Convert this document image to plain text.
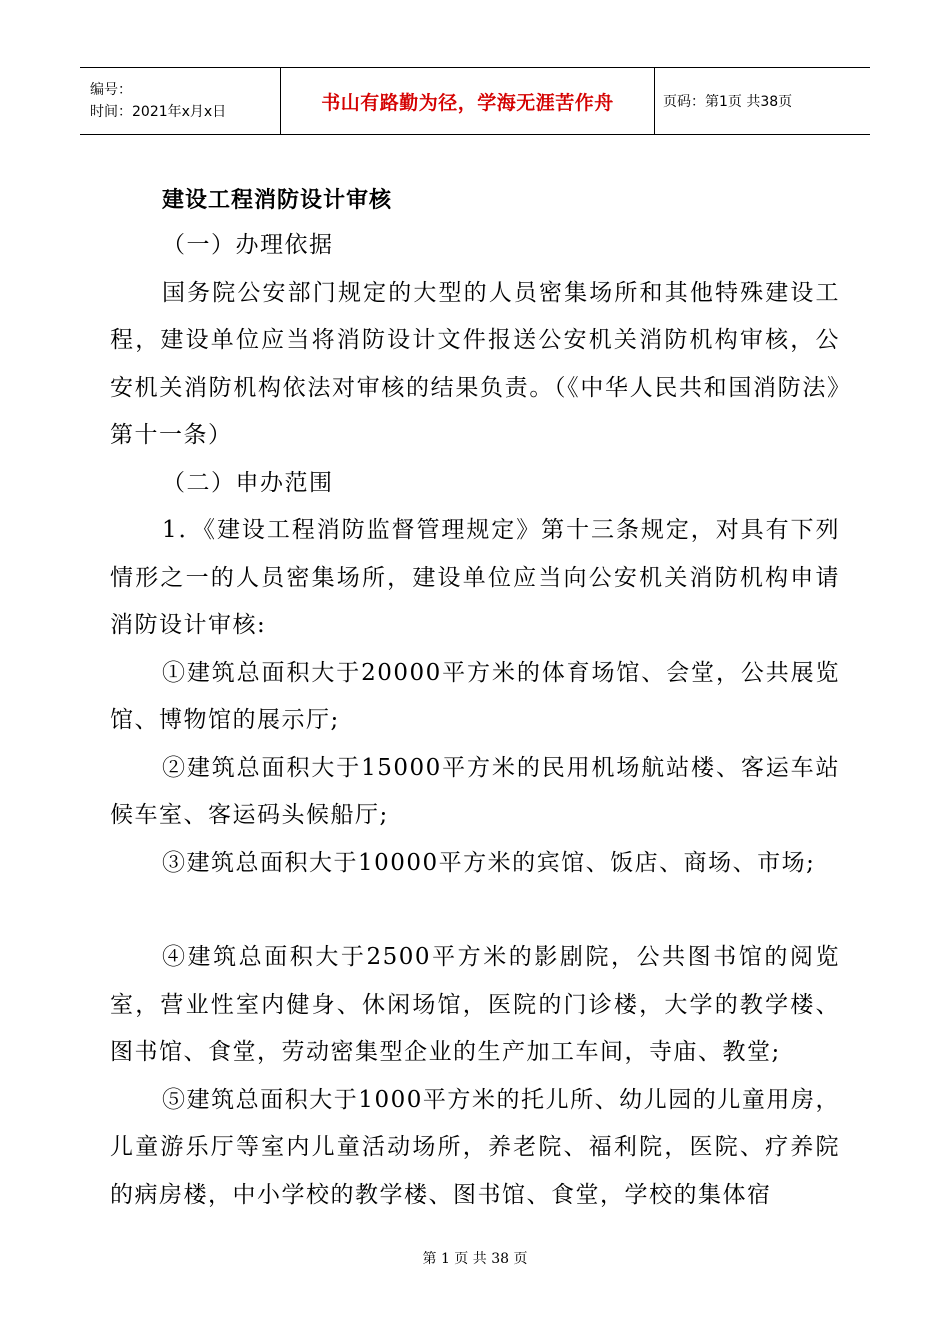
编号：
时间：2021年x月x日	书山有路勤为径，学海无涯苦作舟	页码：第1页 共38页
建设工程消防设计审核

（一）办理依据

国务院公安部门规定的大型的人员密集场所和其他特殊建设工程，建设单位应当将消防设计文件报送公安机关消防机构审核，公安机关消防机构依法对审核的结果负责。（《中华人民共和国消防法》第十一条）

（二）申办范围

1．《建设工程消防监督管理规定》第十三条规定，对具有下列情形之一的人员密集场所，建设单位应当向公安机关消防机构申请消防设计审核:

①建筑总面积大于20000平方米的体育场馆、会堂，公共展览馆、博物馆的展示厅;

②建筑总面积大于15000平方米的民用机场航站楼、客运车站候车室、客运码头候船厅;

③建筑总面积大于10000平方米的宾馆、饭店、商场、市场;

④建筑总面积大于2500平方米的影剧院，公共图书馆的阅览室，营业性室内健身、休闲场馆，医院的门诊楼，大学的教学楼、图书馆、食堂，劳动密集型企业的生产加工车间，寺庙、教堂;

⑤建筑总面积大于1000平方米的托儿所、幼儿园的儿童用房，儿童游乐厅等室内儿童活动场所，养老院、福利院，医院、疗养院的病房楼，中小学校的教学楼、图书馆、食堂，学校的集体宿

第 1 页 共 38 页
